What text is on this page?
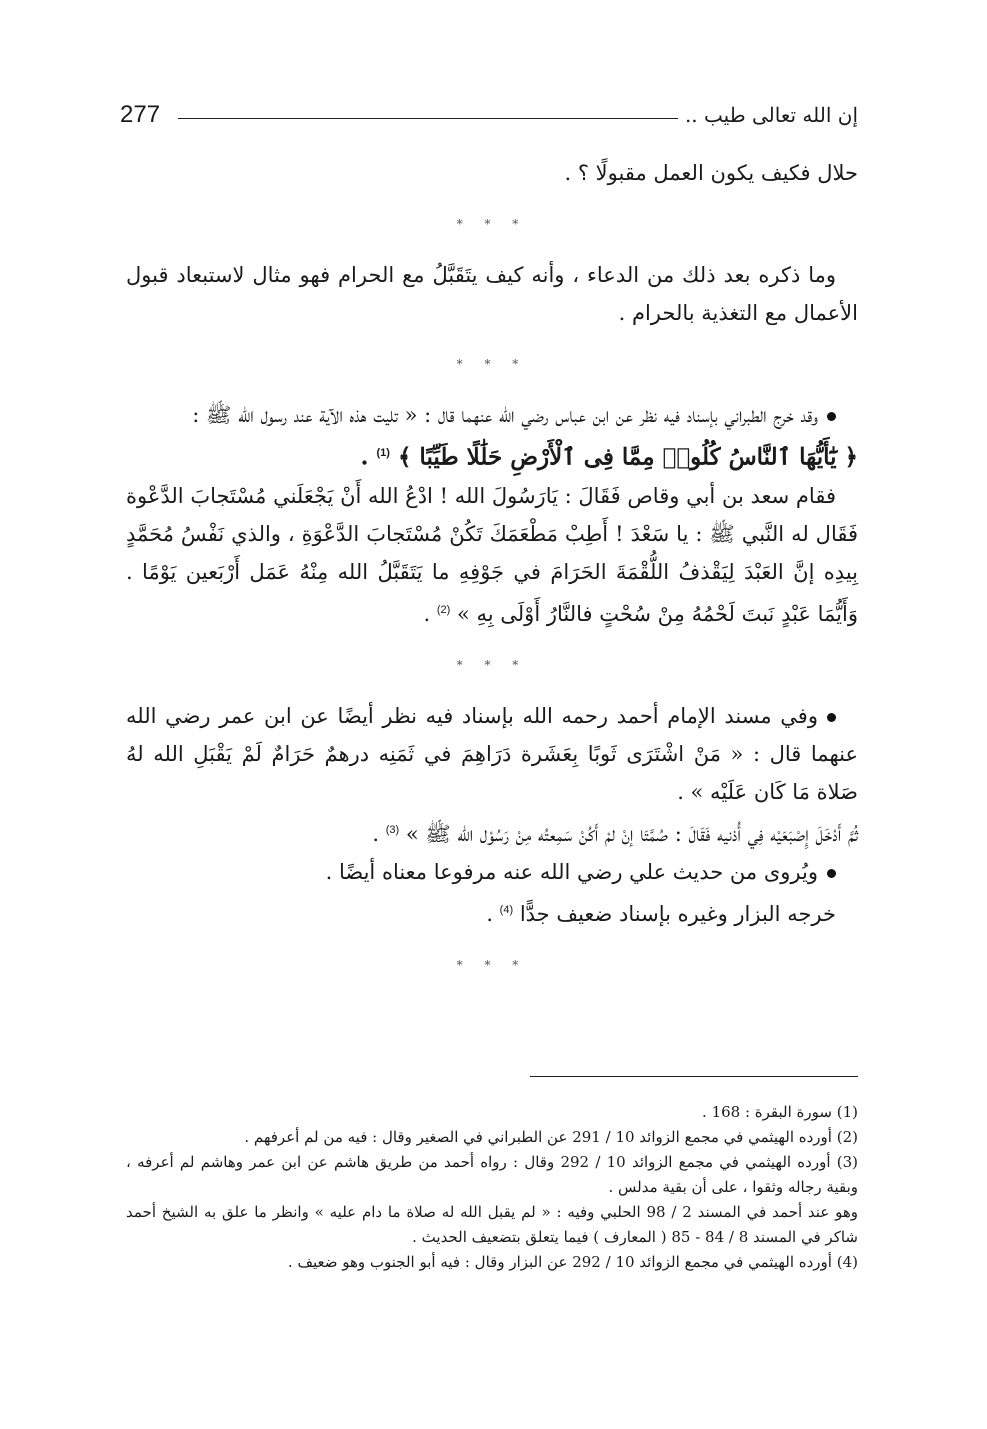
277	إن الله تعالى طيب ..

حلال فكيف يكون العمل مقبولًا ؟ .

* * *

وما ذكره بعد ذلك من الدعاء ، وأنه كيف يتَقَبَّلُ مع الحرام فهو مثال لاستبعاد قبول الأعمال مع التغذية بالحرام .

* * *

وقد خرج الطبراني بإسناد فيه نظر عن ابن عباس رضي الله عنهما قال : « تليت هذه الآية عند رسول الله ﷺ :

﴿ يَٰٓأَيُّهَا ٱلنَّاسُ كُلُوا۟ مِمَّا فِى ٱلْأَرْضِ حَلَٰلًا طَيِّبًا ﴾ $^{(1)}$ .

فقام سعد بن أبي وقاص فَقَالَ : يَارَسُولَ الله ! ادْعُ الله أَنْ يَجْعَلَني مُسْتَجابَ الدَّعْوة فَقَال له النَّبي ﷺ : يا سَعْدَ ! أَطِبْ مَطْعَمَكَ تَكُنْ مُسْتَجابَ الدَّعْوَةِ ، والذي نَفْسُ مُحَمَّدٍ بِيدِه إنَّ العَبْدَ لِيَقْذفُ اللُّقْمَةَ الحَرَامَ في جَوْفِهِ ما يَتَقَبَّلُ الله مِنْهُ عَمَل أَرْبَعين يَوْمًا . وَأَيُّمَا عَبْدٍ نَبتَ لَحْمُهُ مِنْ سُحْتٍ فالنَّارُ أَوْلَى بِهِ » $^{(2)}$ .

* * *

وفي مسند الإمام أحمد رحمه الله بإسناد فيه نظر أيضًا عن ابن عمر رضي الله عنهما قال : « مَنْ اشْتَرَى ثَوبًا بِعَشَرة دَرَاهِمَ في ثَمَنِه درهمٌ حَرَامٌ لَمْ يَقْبَلِ الله لهُ صَلاة مَا كَان عَلَيْه » .

ثُمَّ أَدْخَلَ إِصْبَعَيْه فِي أُذنيه فَقَالَ : صُمَّتَا إنْ لمْ أَكُنْ سَمِعتُه مِنْ رَسُوْل الله ﷺ » $^{(3)}$ .

ويُروى من حديث علي رضي الله عنه مرفوعا معناه أيضًا .

خرجه البزار وغيره بإسناد ضعيف جدًّا $^{(4)}$ .

* * *

(1) سورة البقرة : 168 .

(2) أورده الهيثمي في مجمع الزوائد 10 / 291 عن الطبراني في الصغير وقال : فيه من لم أعرفهم .

(3) أورده الهيثمي في مجمع الزوائد 10 / 292 وقال : رواه أحمد من طريق هاشم عن ابن عمر وهاشم لم أعرفه ، وبقية رجاله وثقوا ، على أن بقية مدلس .

وهو عند أحمد في المسند 2 / 98 الحلبي وفيه : « لم يقبل الله له صلاة ما دام عليه » وانظر ما علق به الشيخ أحمد شاكر في المسند 8 / 84 - 85 ( المعارف ) فيما يتعلق بتضعيف الحديث .

(4) أورده الهيثمي في مجمع الزوائد 10 / 292 عن البزار وقال : فيه أبو الجنوب وهو ضعيف .
